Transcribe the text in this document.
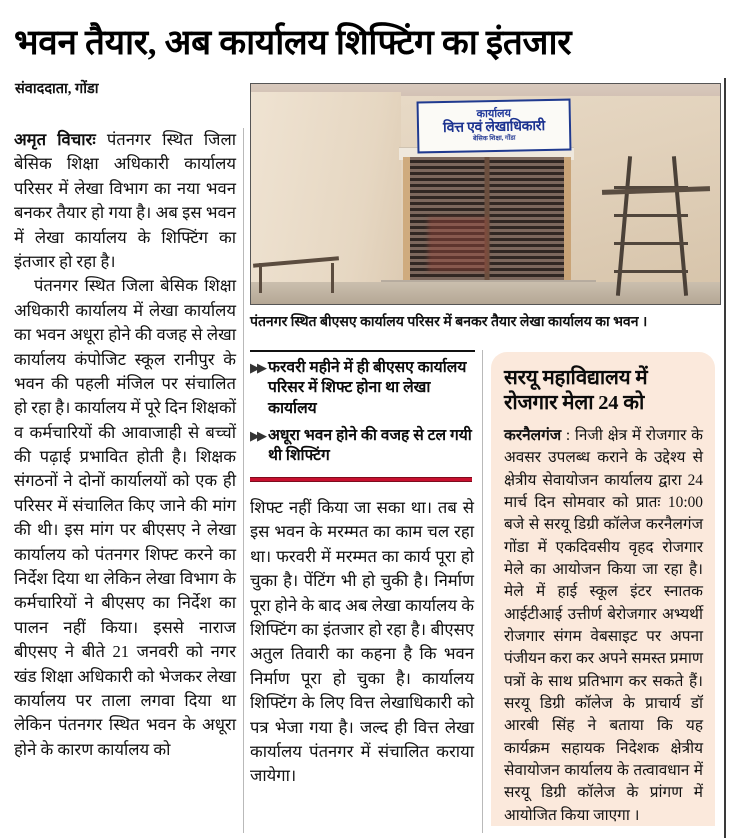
भवन तैयार, अब कार्यालय शिफ्टिंग का इंतजार
संवाददाता, गोंडा

अमृत विचारः पंतनगर स्थित जिला बेसिक शिक्षा अधिकारी कार्यालय परिसर में लेखा विभाग का नया भवन बनकर तैयार हो गया है। अब इस भवन में लेखा कार्यालय के शिफ्टिंग का इंतजार हो रहा है।

पंतनगर स्थित जिला बेसिक शिक्षा अधिकारी कार्यालय में लेखा कार्यालय का भवन अधूरा होने की वजह से लेखा कार्यालय कंपोजिट स्कूल रानीपुर के भवन की पहली मंजिल पर संचालित हो रहा है। कार्यालय में पूरे दिन शिक्षकों व कर्मचारियों की आवाजाही से बच्चों की पढ़ाई प्रभावित होती है। शिक्षक संगठनों ने दोनों कार्यालयों को एक ही परिसर में संचालित किए जाने की मांग की थी। इस मांग पर बीएसए ने लेखा कार्यालय को पंतनगर शिफ्ट करने का निर्देश दिया था लेकिन लेखा विभाग के कर्मचारियों ने बीएसए का निर्देश का पालन नहीं किया। इससे नाराज बीएसए ने बीते 21 जनवरी को नगर खंड शिक्षा अधिकारी को भेजकर लेखा कार्यालय पर ताला लगवा दिया था लेकिन पंतनगर स्थित भवन के अधूरा होने के कारण कार्यालय को

कार्यालय
वित्त एवं लेखाधिकारी
बेसिक शिक्षा, गोंडा
पंतनगर स्थित बीएसए कार्यालय परिसर में बनकर तैयार लेखा कार्यालय का भवन ।
▶▶ फरवरी महीने में ही बीएसए कार्यालय परिसर में शिफ्ट होना था लेखा कार्यालय
▶▶ अधूरा भवन होने की वजह से टल गयी थी शिफ्टिंग

शिफ्ट नहीं किया जा सका था। तब से इस भवन के मरम्मत का काम चल रहा था। फरवरी में मरम्मत का कार्य पूरा हो चुका है। पेंटिंग भी हो चुकी है। निर्माण पूरा होने के बाद अब लेखा कार्यालय के शिफ्टिंग का इंतजार हो रहा है। बीएसए अतुल तिवारी का कहना है कि भवन निर्माण पूरा हो चुका है। कार्यालय शिफ्टिंग के लिए वित्त लेखाधिकारी को पत्र भेजा गया है। जल्द ही वित्त लेखा कार्यालय पंतनगर में संचालित कराया जायेगा।

सरयू महाविद्यालय में रोजगार मेला 24 को

करनैलगंज : निजी क्षेत्र में रोजगार के अवसर उपलब्ध कराने के उद्देश्य से क्षेत्रीय सेवायोजन कार्यालय द्वारा 24 मार्च दिन सोमवार को प्रातः 10:00 बजे से सरयू डिग्री कॉलेज करनैलगंज गोंडा में एकदिवसीय वृहद रोजगार मेले का आयोजन किया जा रहा है। मेले में हाई स्कूल इंटर स्नातक आईटीआई उत्तीर्ण बेरोजगार अभ्यर्थी रोजगार संगम वेबसाइट पर अपना पंजीयन करा कर अपने समस्त प्रमाण पत्रों के साथ प्रतिभाग कर सकते हैं। सरयू डिग्री कॉलेज के प्राचार्य डॉ आरबी सिंह ने बताया कि यह कार्यक्रम सहायक निदेशक क्षेत्रीय सेवायोजन कार्यालय के तत्वावधान में सरयू डिग्री कॉलेज के प्रांगण में आयोजित किया जाएगा ।
